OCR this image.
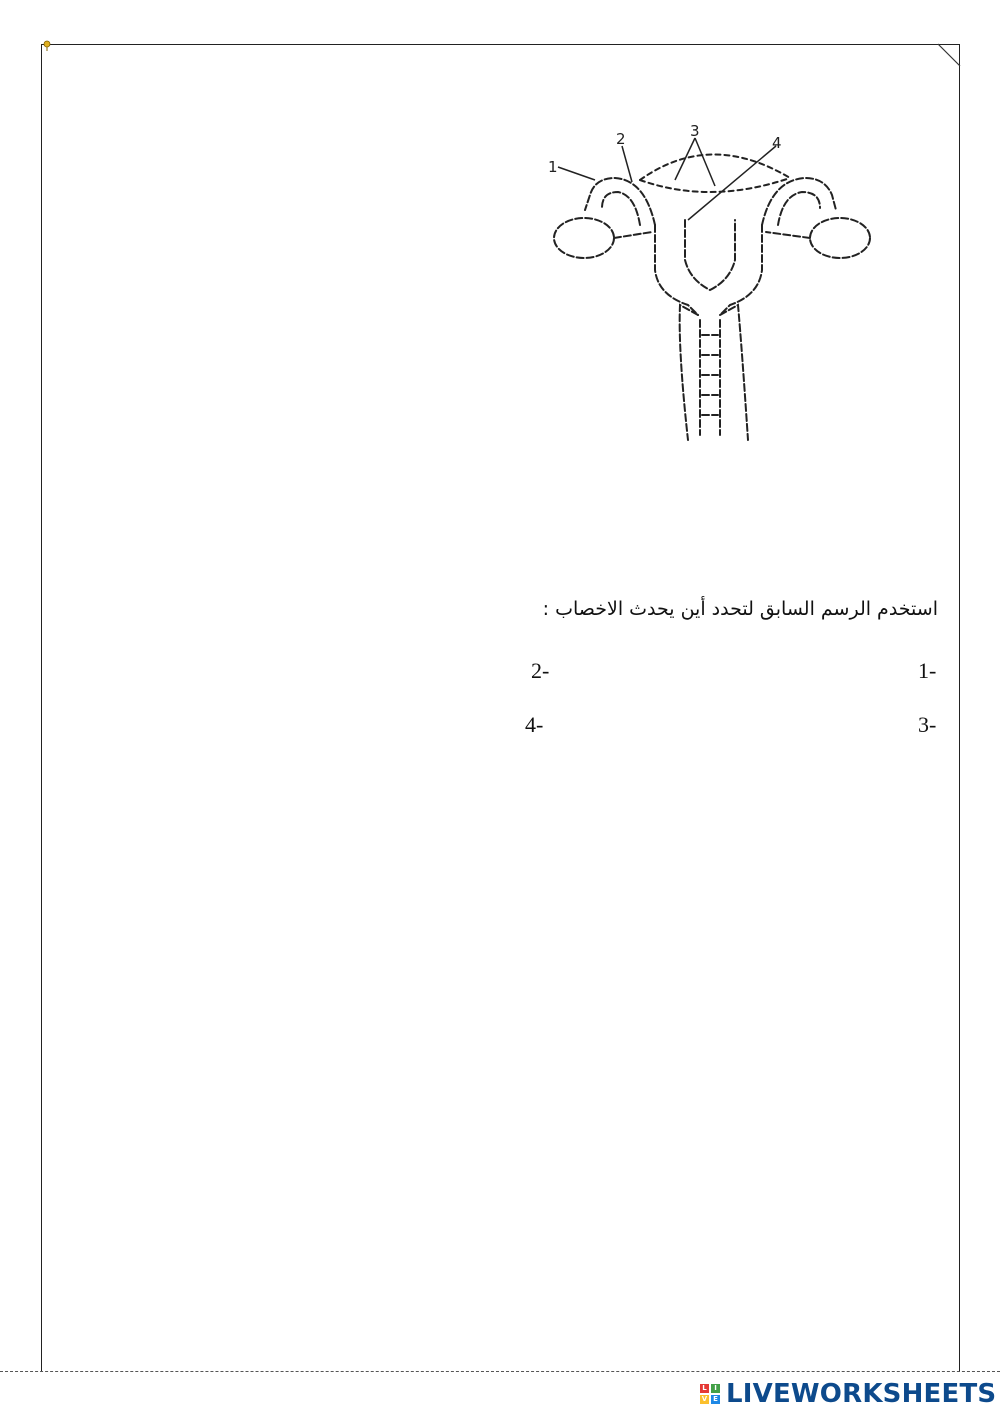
1
2	3
4
استخدم الرسم السابق لتحدد أين يحدث الاخصاب :
1-
2-
3-
4-
L	I
V E LIVEWORKSHEETS
